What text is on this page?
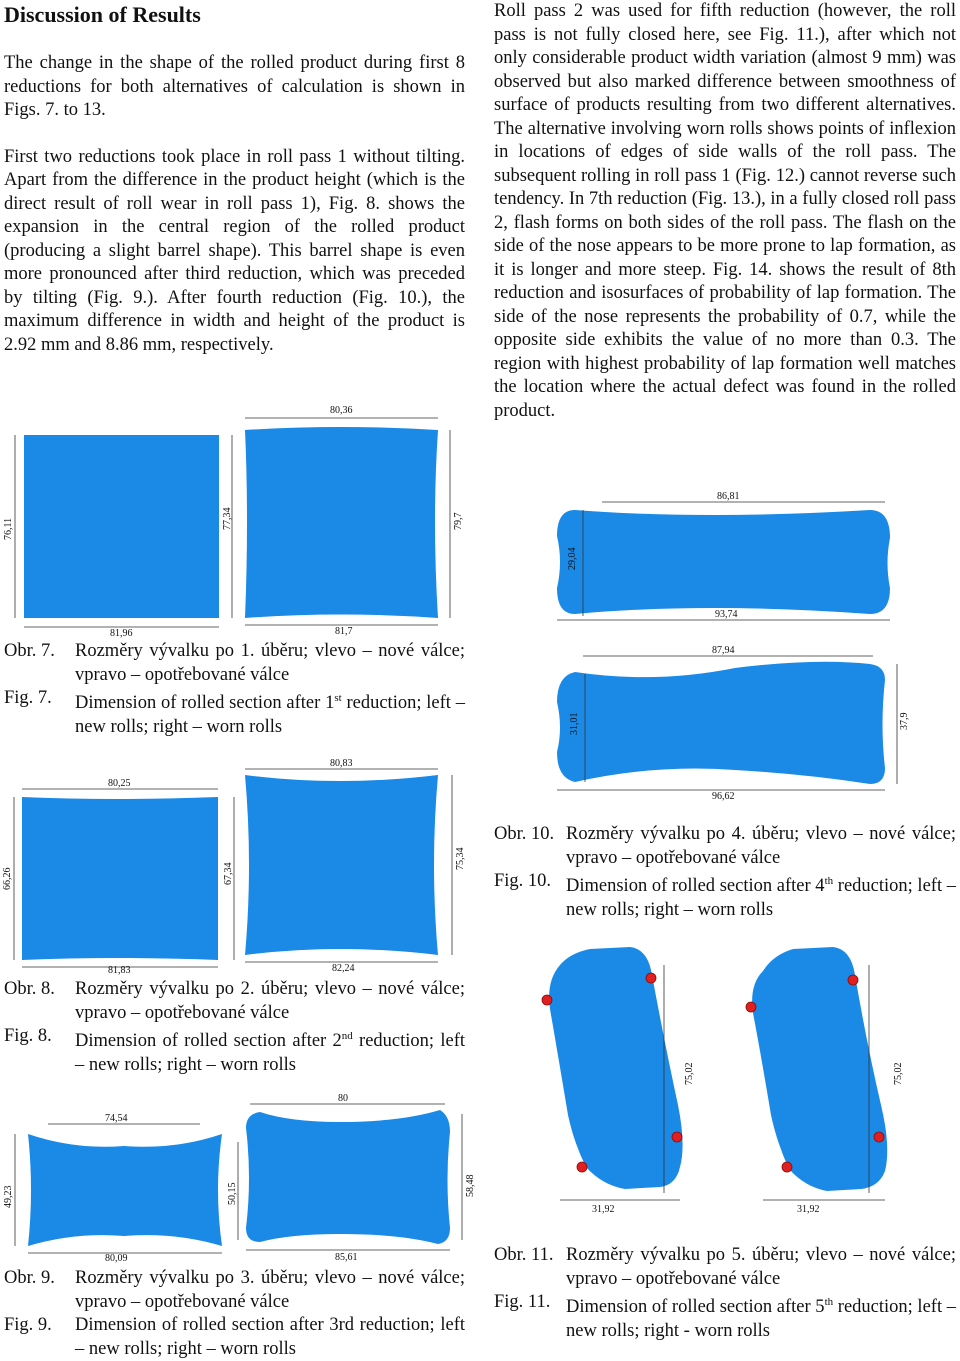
Discussion of Results

The change in the shape of the rolled product during first 8 reductions for both alternatives of calculation is shown in Figs. 7. to 13.

First two reductions took place in roll pass 1 without tilting. Apart from the difference in the product height (which is the direct result of roll wear in roll pass 1), Fig. 8. shows the expansion in the central region of the rolled product (producing a slight barrel shape). This barrel shape is even more pronounced after third reduction, which was preceded by tilting (Fig. 9.). After fourth reduction (Fig. 10.), the maximum difference in width and height of the product is 2.92 mm and 8.86 mm, respectively.

Roll pass 2 was used for fifth reduction (however, the roll pass is not fully closed here, see Fig. 11.), after which not only considerable product width variation (almost 9 mm) was observed but also marked difference between smoothness of surface of products resulting from two different alternatives. The alternative involving worn rolls shows points of inflexion in locations of edges of side walls of the roll pass. The subsequent rolling in roll pass 1 (Fig. 12.) cannot reverse such tendency. In 7th reduction (Fig. 13.), in a fully closed roll pass 2, flash forms on both sides of the roll pass. The flash on the side of the nose appears to be more prone to lap formation, as it is longer and more steep. Fig. 14. shows the result of 8th reduction and isosurfaces of probability of lap formation. The side of the nose represents the probability of 0.7, while the opposite side exhibits the value of no more than 0.3. The region with highest probability of lap formation well matches the location where the actual defect was found in the rolled product.

76,11	77,34
81,96
80,36
79,7
81,7
Obr. 7.	Rozměry vývalku po 1. úběru; vlevo – nové válce; vpravo – opotřebované válce
Fig. 7.	Dimension of rolled section after 1st reduction; left – new rolls; right – worn rolls
80,25
66,26	67,34
81,83
80,83
75,34
82,24
Obr. 8.	Rozměry vývalku po 2. úběru; vlevo – nové válce; vpravo – opotřebované válce
Fig. 8.	Dimension of rolled section after 2nd reduction; left – new rolls; right – worn rolls
74,54
49,23	50,15
80,09
80
58,48
85,61
Obr. 9.	Rozměry vývalku po 3. úběru; vlevo – nové válce; vpravo – opotřebované válce
Fig. 9.	Dimension of rolled section after 3rd reduction; left – new rolls; right – worn rolls
86,81
29,04
93,74
87,94
31,01	37,9
96,62
Obr. 10. Rozměry vývalku po 4. úběru; vlevo – nové válce; vpravo – opotřebované válce
Fig. 10. Dimension of rolled section after 4th reduction; left – new rolls; right – worn rolls
75,02
31,92
75,02
31,92
Obr. 11. Rozměry vývalku po 5. úběru; vlevo – nové válce; vpravo – opotřebované válce
Fig. 11. Dimension of rolled section after 5th reduction; left – new rolls; right - worn rolls
